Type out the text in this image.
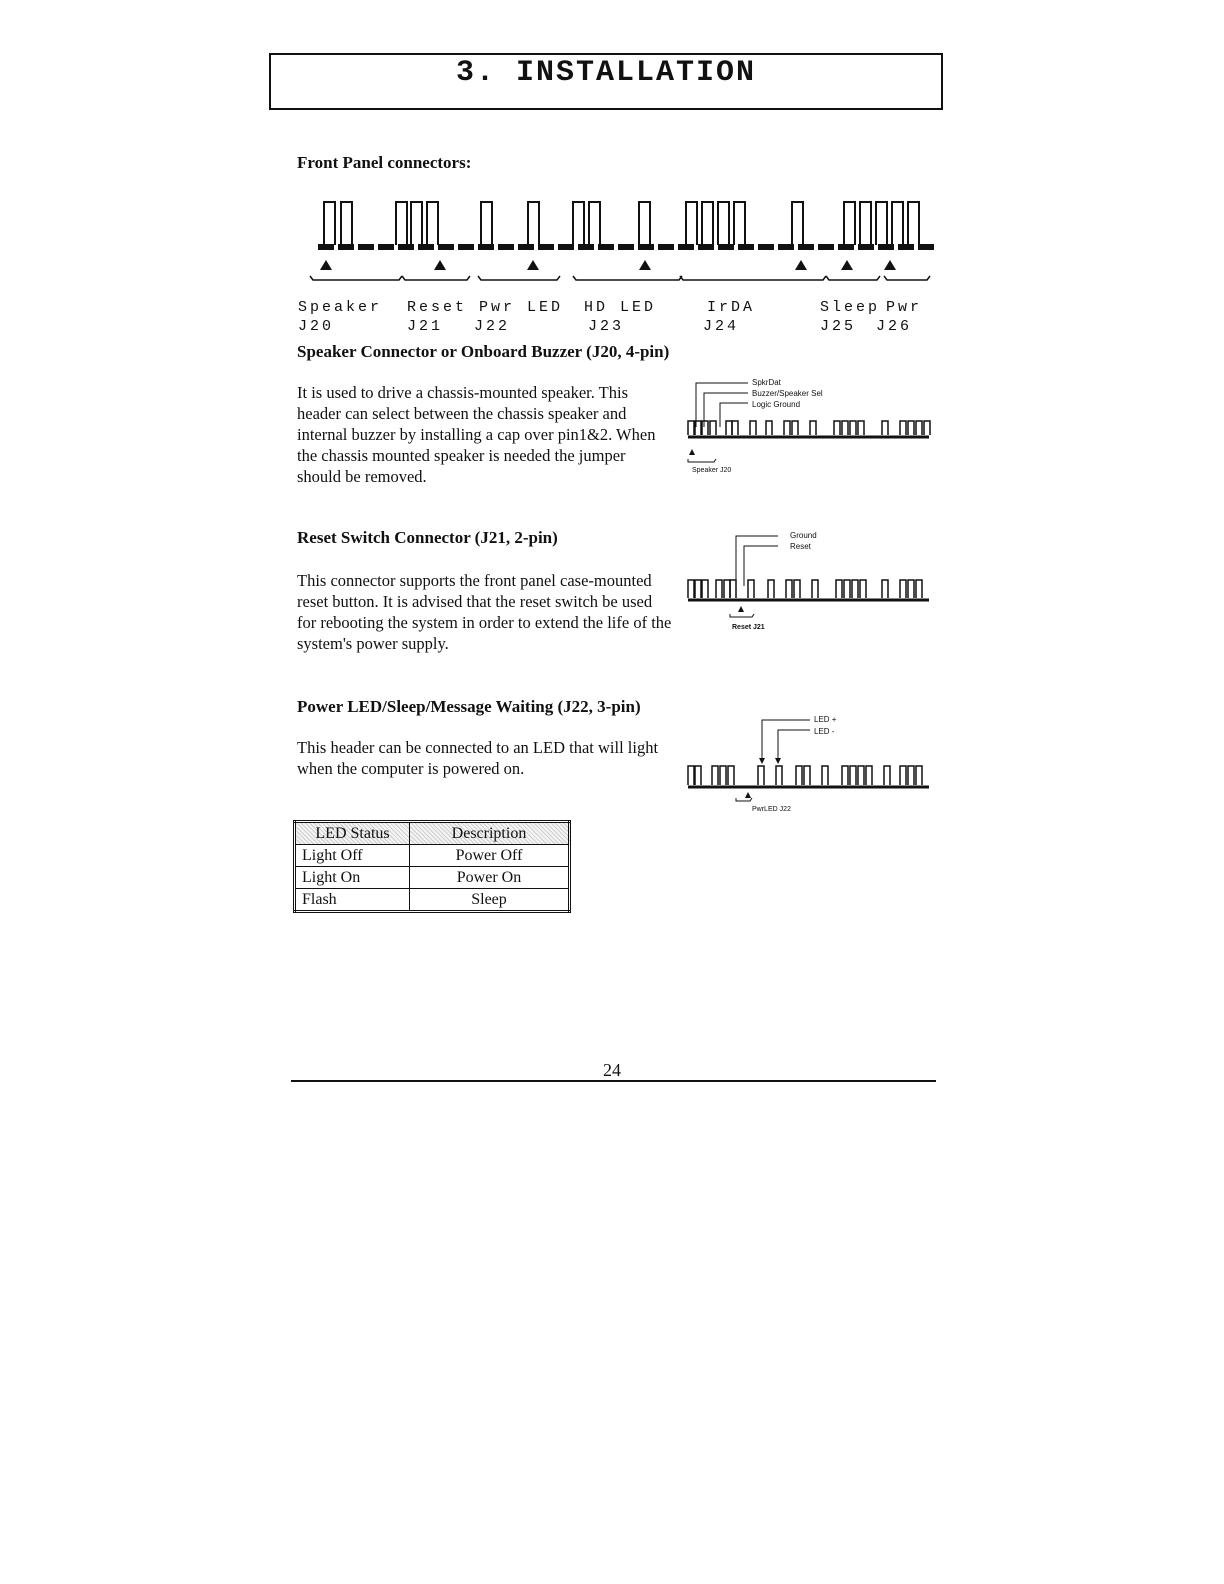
3. INSTALLATION
Front Panel connectors:
Speaker
J20
Reset
J21
Pwr LED
J22
HD LED
J23
IrDA
J24
Sleep
J25
Pwr
J26
Speaker Connector or Onboard Buzzer (J20, 4-pin)
It is used to drive a chassis-mounted speaker. This header can select between the chassis speaker and internal buzzer by installing a cap over pin1&2. When the chassis mounted speaker is needed the jumper should be removed.
SpkrDat
Buzzer/Speaker Sel
Logic Ground
Speaker J20
Reset Switch Connector (J21, 2-pin)
This connector supports the front panel case-mounted reset button. It is advised that the reset switch be used for rebooting the system in order to extend the life of the system's power supply.
Ground
Reset
Reset J21
Power LED/Sleep/Message Waiting (J22, 3-pin)
This header can be connected to an LED that will light when the computer is powered on.
LED +
LED -
PwrLED J22
LED Status	Description
Light Off	Power Off
Light On	Power On
Flash	Sleep
24
